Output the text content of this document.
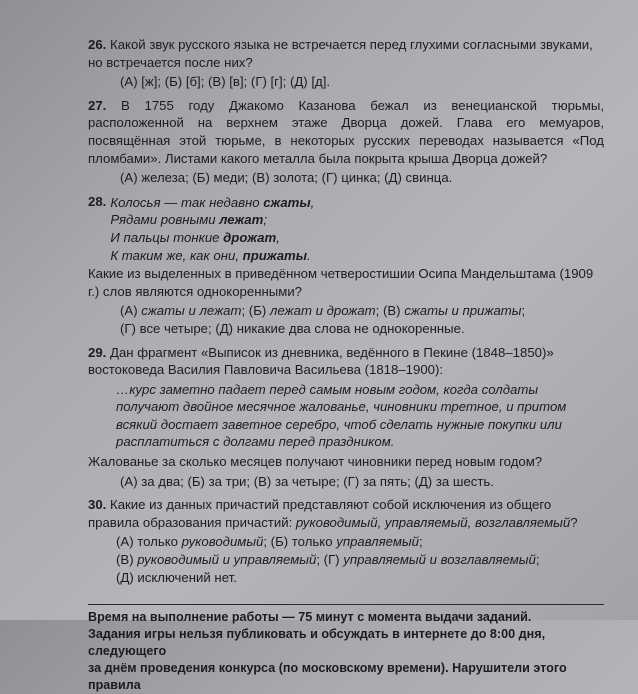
26. Какой звук русского языка не встречается перед глухими согласными звуками, но встречается после них?
(А) [ж]; (Б) [б]; (В) [в]; (Г) [г]; (Д) [д].
27. В 1755 году Джакомо Казанова бежал из венецианской тюрьмы, расположенной на верхнем этаже Дворца дожей. Глава его мемуаров, посвящённая этой тюрьме, в некоторых русских переводах называется «Под пломбами». Листами какого металла была покрыта крыша Дворца дожей?
(А) железа; (Б) меди; (В) золота; (Г) цинка; (Д) свинца.
28. Колосья — так недавно сжаты,
Рядами ровными лежат;
И пальцы тонкие дрожат,
К таким же, как они, прижаты.
Какие из выделенных в приведённом четверостишии Осипа Мандельштама (1909 г.) слов являются однокоренными?
(А) сжаты и лежат; (Б) лежат и дрожат; (В) сжаты и прижаты;
(Г) все четыре; (Д) никакие два слова не однокоренные.
29. Дан фрагмент «Выписок из дневника, ведённого в Пекине (1848–1850)» востоковеда Василия Павловича Васильева (1818–1900):
…курс заметно падает перед самым новым годом, когда солдаты получают двойное месячное жалованье, чиновники третное, и притом всякий достает заветное серебро, чтоб сделать нужные покупки или расплатиться с долгами перед праздником.
Жалованье за сколько месяцев получают чиновники перед новым годом?
(А) за два; (Б) за три; (В) за четыре; (Г) за пять; (Д) за шесть.
30. Какие из данных причастий представляют собой исключения из общего правила образования причастий: руководимый, управляемый, возглавляемый?
(А) только руководимый; (Б) только управляемый;
(В) руководимый и управляемый; (Г) управляемый и возглавляемый;
(Д) исключений нет.
Время на выполнение работы — 75 минут с момента выдачи заданий.
Задания игры нельзя публиковать и обсуждать в интернете до 8:00 дня, следующего
за днём проведения конкурса (по московскому времени). Нарушители этого правила
